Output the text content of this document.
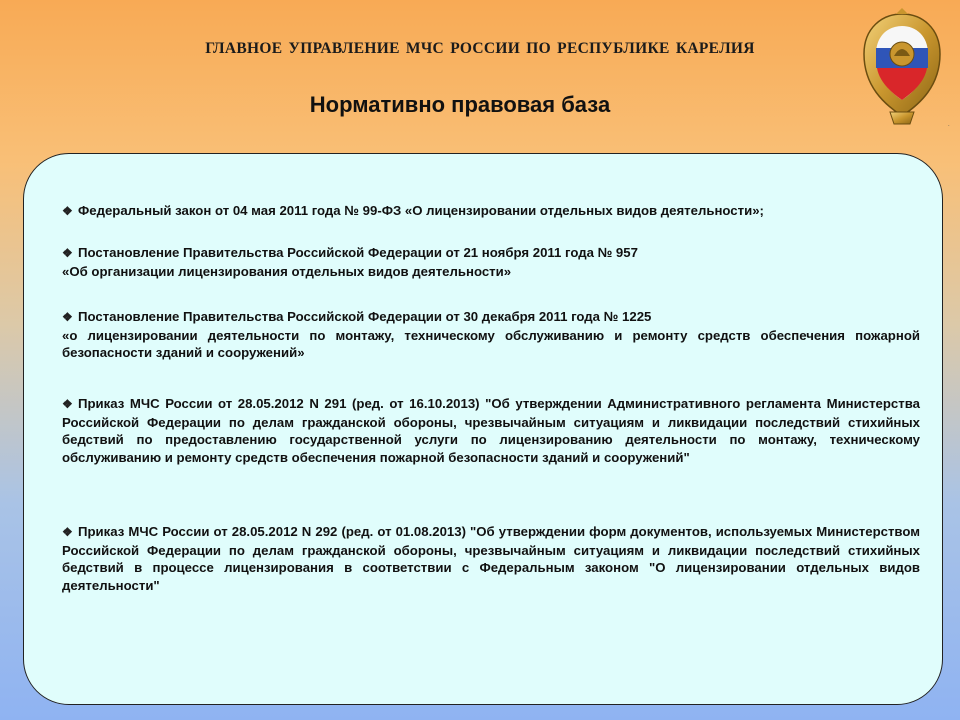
ГЛАВНОЕ УПРАВЛЕНИЕ МЧС РОССИИ ПО РЕСПУБЛИКЕ КАРЕЛИЯ
Нормативно правовая база
.
❖ Федеральный закон от 04 мая 2011 года № 99-ФЗ «О лицензировании отдельных видов деятельности»;
❖ Постановление Правительства Российской Федерации от 21 ноября 2011 года № 957
«Об организации лицензирования отдельных видов деятельности»
❖ Постановление Правительства Российской Федерации от 30 декабря 2011 года № 1225
«о лицензировании деятельности по монтажу, техническому обслуживанию и ремонту средств обеспечения пожарной безопасности зданий и сооружений»
❖ Приказ МЧС России от 28.05.2012 N 291 (ред. от 16.10.2013) "Об утверждении Административного регламента Министерства Российской Федерации по делам гражданской обороны, чрезвычайным ситуациям и ликвидации последствий стихийных бедствий по предоставлению государственной услуги по лицензированию деятельности по монтажу, техническому обслуживанию и ремонту средств обеспечения пожарной безопасности зданий и сооружений"
❖ Приказ МЧС России от 28.05.2012 N 292 (ред. от 01.08.2013) "Об утверждении форм документов, используемых Министерством Российской Федерации по делам гражданской обороны, чрезвычайным ситуациям и ликвидации последствий стихийных бедствий в процессе лицензирования в соответствии с Федеральным законом "О лицензировании отдельных видов деятельности"
